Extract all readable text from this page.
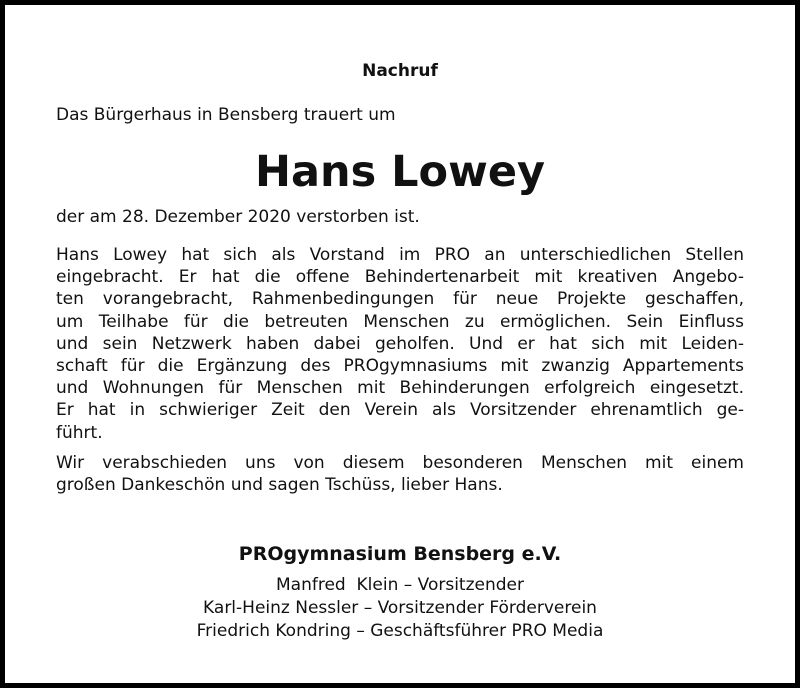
Nachruf
Das Bürgerhaus in Bensberg trauert um
Hans Lowey
der am 28. Dezember 2020 verstorben ist.
Hans Lowey hat sich als Vorstand im PRO an unterschiedlichen Stellen
eingebracht. Er hat die offene Behindertenarbeit mit kreativen Angebo-
ten vorangebracht, Rahmenbedingungen für neue Projekte geschaffen,
um Teilhabe für die betreuten Menschen zu ermöglichen. Sein Einfluss
und sein Netzwerk haben dabei geholfen. Und er hat sich mit Leiden-
schaft für die Ergänzung des PROgymnasiums mit zwanzig Appartements
und Wohnungen für Menschen mit Behinderungen erfolgreich eingesetzt.
Er hat in schwieriger Zeit den Verein als Vorsitzender ehrenamtlich ge-
führt.
Wir verabschieden uns von diesem besonderen Menschen mit einem
großen Dankeschön und sagen Tschüss, lieber Hans.
PROgymnasium Bensberg e.V.
Manfred  Klein – Vorsitzender
Karl-Heinz Nessler – Vorsitzender Förderverein
Friedrich Kondring – Geschäftsführer PRO Media
